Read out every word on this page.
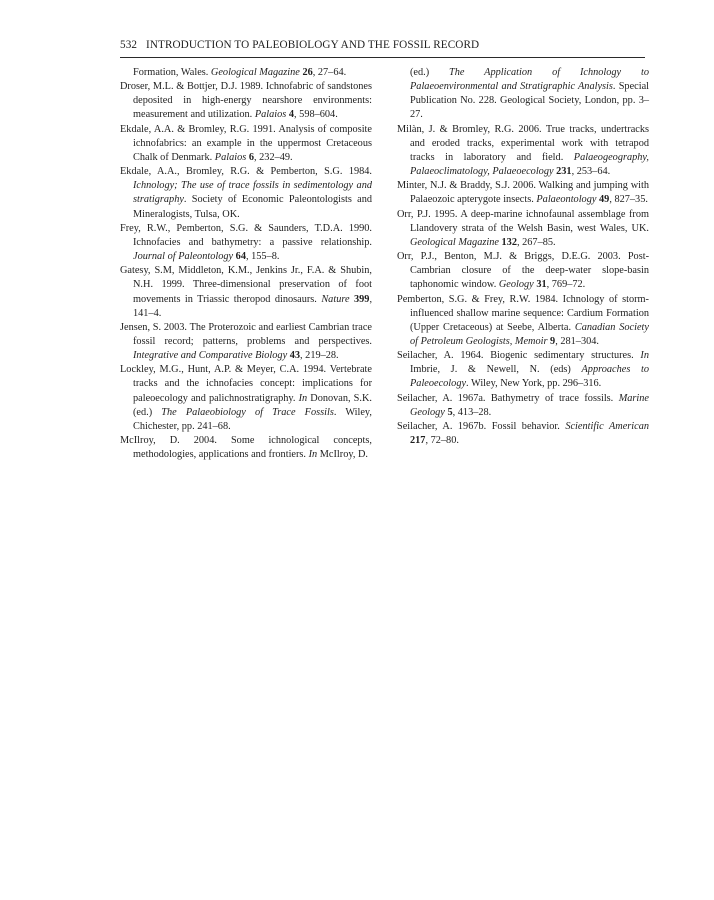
532 INTRODUCTION TO PALEOBIOLOGY AND THE FOSSIL RECORD

Formation, Wales. Geological Magazine 26, 27–64.

Droser, M.L. & Bottjer, D.J. 1989. Ichnofabric of sandstones deposited in high-energy nearshore environments: measurement and utilization. Palaios 4, 598–604.

Ekdale, A.A. & Bromley, R.G. 1991. Analysis of composite ichnofabrics: an example in the uppermost Cretaceous Chalk of Denmark. Palaios 6, 232–49.

Ekdale, A.A., Bromley, R.G. & Pemberton, S.G. 1984. Ichnology; The use of trace fossils in sedimentology and stratigraphy. Society of Economic Paleontologists and Mineralogists, Tulsa, OK.

Frey, R.W., Pemberton, S.G. & Saunders, T.D.A. 1990. Ichnofacies and bathymetry: a passive relationship. Journal of Paleontology 64, 155–8.

Gatesy, S.M, Middleton, K.M., Jenkins Jr., F.A. & Shubin, N.H. 1999. Three-dimensional preservation of foot movements in Triassic theropod dinosaurs. Nature 399, 141–4.

Jensen, S. 2003. The Proterozoic and earliest Cambrian trace fossil record; patterns, problems and perspectives. Integrative and Comparative Biology 43, 219–28.

Lockley, M.G., Hunt, A.P. & Meyer, C.A. 1994. Vertebrate tracks and the ichnofacies concept: implications for paleoecology and palichnostratigraphy. In Donovan, S.K. (ed.) The Palaeobiology of Trace Fossils. Wiley, Chichester, pp. 241–68.

McIlroy, D. 2004. Some ichnological concepts, methodologies, applications and frontiers. In McIlroy, D.

(ed.) The Application of Ichnology to Palaeoenvironmental and Stratigraphic Analysis. Special Publication No. 228. Geological Society, London, pp. 3–27.

Milàn, J. & Bromley, R.G. 2006. True tracks, undertracks and eroded tracks, experimental work with tetrapod tracks in laboratory and field. Palaeogeography, Palaeoclimatology, Palaeoecology 231, 253–64.

Minter, N.J. & Braddy, S.J. 2006. Walking and jumping with Palaeozoic apterygote insects. Palaeontology 49, 827–35.

Orr, P.J. 1995. A deep-marine ichnofaunal assemblage from Llandovery strata of the Welsh Basin, west Wales, UK. Geological Magazine 132, 267–85.

Orr, P.J., Benton, M.J. & Briggs, D.E.G. 2003. Post-Cambrian closure of the deep-water slope-basin taphonomic window. Geology 31, 769–72.

Pemberton, S.G. & Frey, R.W. 1984. Ichnology of storm-influenced shallow marine sequence: Cardium Formation (Upper Cretaceous) at Seebe, Alberta. Canadian Society of Petroleum Geologists, Memoir 9, 281–304.

Seilacher, A. 1964. Biogenic sedimentary structures. In Imbrie, J. & Newell, N. (eds) Approaches to Paleoecology. Wiley, New York, pp. 296–316.

Seilacher, A. 1967a. Bathymetry of trace fossils. Marine Geology 5, 413–28.

Seilacher, A. 1967b. Fossil behavior. Scientific American 217, 72–80.
